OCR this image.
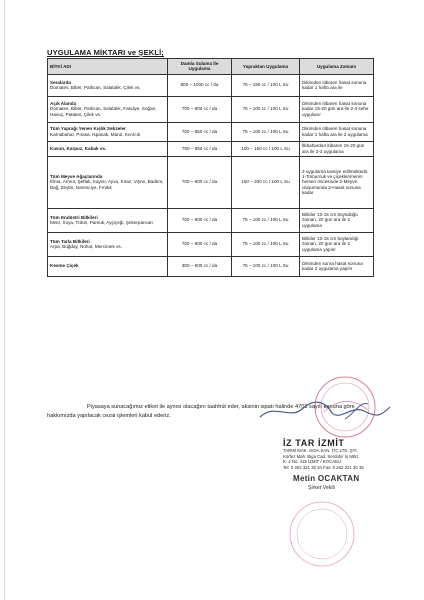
UYGULAMA MİKTARI ve ŞEKLİ;
BİTKİ ADI	Damla Sulama İle Uygulama	Yapraktan Uygulama	Uygulama Zamanı

Seralarda
Domates, Biber, Patlıcan, Salatalık, Çilek vs.	800 – 1000 cc / da	75 – 150 cc / 100 L Su	Dikimden itibaren hasat sonuna kadar 1 hafta ara ile

Açık Alanda
Domates, Biber, Patlıcan, Salatalık, Fasulye, Soğan, Havuç, Patates, Çilek vs.	700 – 800 cc / da	75 – 100 cc / 100 L Su	Dikimden itibaren hasat sonuna kadar 15-20 gün ara ile 2-3 sefer uygulanır

Tüm Yaprağı Yenen Kışlık Sebzeler
Karnabahar, Pırasa, Ispanak, Marul, Kıvırcık	700 – 850 cc / da	75 – 100 cc / 100 L Su	Dikimden itibaren hasat sonuna kadar 1 hafta ara ile 2 uygulama

Kavun, Karpuz, Kabak vs.	750 – 850 cc / da	100 – 150 cc / 100 L Su	İlkbahardan itibaren 15-20 gün ara ile 2-3 uygulama

Tüm Meyve Ağaçlarında
Elma, Armut, Şeftali, Kayısı, Ayva, Kiraz, Vişne, Badem, Bağ, Zeytin, Narenciye, Fındık	700 – 800 cc / da	150 – 200 cc / 100 L Su	3 uygulama tavsiye edilmektedir. 1-Tomurcuk ve çiçeklenmenin hemen öncesinde 2-Meyve oluşumunda 3-Hasat sonuna kadar

Tüm Endüstri Bitkileri
Mısır, Soya, Tütün, Pamuk, Ayçiçeği, Şekerpancarı	700 – 800 cc / da	75 – 100 cc / 100 L Su	Bitkiler 10-15 cm büyüdüğü zaman, 20 gün ara ile 2 uygulama

Tüm Tarla Bitkileri
Arpa, Buğday, Nohut, Mercimek vs.	700 – 800 cc / da	75 – 100 cc / 100 L Su	Bitkiler 10-15 cm boylandığı zaman, 20 gün ara ile 2 uygulama yapılır

Kesme Çiçek	300 – 500 cc / da	75 – 100 cc / 100 L Su	Dikimden sonra hasat sonuna kadar 2 uygulama yapılır

Piyasaya sunacağımız etiket ile aynısı olacağını taahhüt eder, aksinin ispatı halinde 4703 sayılı kanuna göre hakkımızda yapılacak cezai işlemleri kabul ederiz.

İZ TAR İZMİT
TARIM MAK. GIDA SAN. TİC LTD. ŞTİ.
Körfez Mah. Biga Cad. Serdohir İş Mrkz
K: 4 No: 415 İZMİT / KOCAELİ
Tel: 0 262 321 30 34 Fax: 0 262 321 30 35
Metin OCAKTAN
Şirket Vekili
